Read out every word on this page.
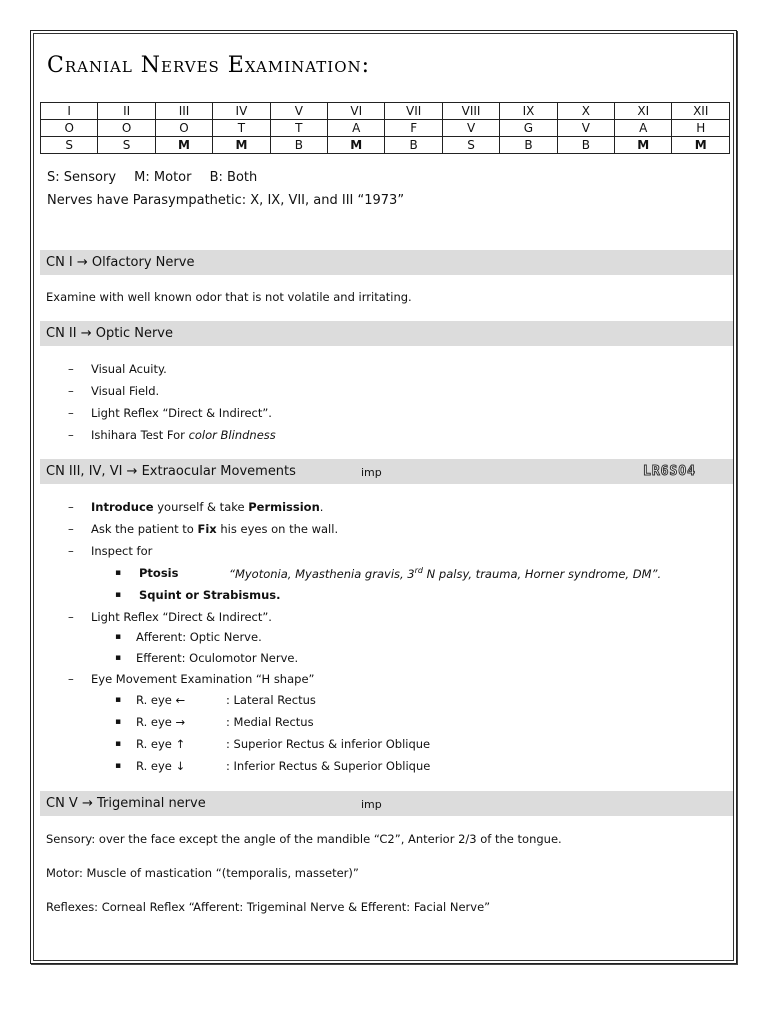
Cranial Nerves Examination:
I	II	III	IV	V	VI	VII	VIII	IX	X	XI	XII
O	O	O	T	T	A	F	V	G	V	A	H
S	S	M	M	B	M	B	S	B	B	M	M
S: Sensory M: Motor B: Both
Nerves have Parasympathetic: X, IX, VII, and III “1973”
CN I → Olfactory Nerve
Examine with well known odor that is not volatile and irritating.
CN II → Optic Nerve
– Visual Acuity.
– Visual Field.
– Light Reflex “Direct & Indirect”.
– Ishihara Test For color Blindness
CN III, IV, VI → Extraocular Movements	imp	LR6SO4
– Introduce yourself & take Permission.
– Ask the patient to Fix his eyes on the wall.
– Inspect for
▪ Ptosis	“Myotonia, Myasthenia gravis, 3rd N palsy, trauma, Horner syndrome, DM”.
▪ Squint or Strabismus.
– Light Reflex “Direct & Indirect”.
▪ Afferent: Optic Nerve.
▪ Efferent: Oculomotor Nerve.
– Eye Movement Examination “H shape”
▪ R. eye ←	: Lateral Rectus
▪ R. eye →	: Medial Rectus
▪ R. eye ↑	: Superior Rectus & inferior Oblique
▪ R. eye ↓	: Inferior Rectus & Superior Oblique
CN V → Trigeminal nerve	imp
Sensory: over the face except the angle of the mandible “C2”, Anterior 2/3 of the tongue.
Motor: Muscle of mastication “(temporalis, masseter)”
Reflexes: Corneal Reflex “Afferent: Trigeminal Nerve & Efferent: Facial Nerve”
